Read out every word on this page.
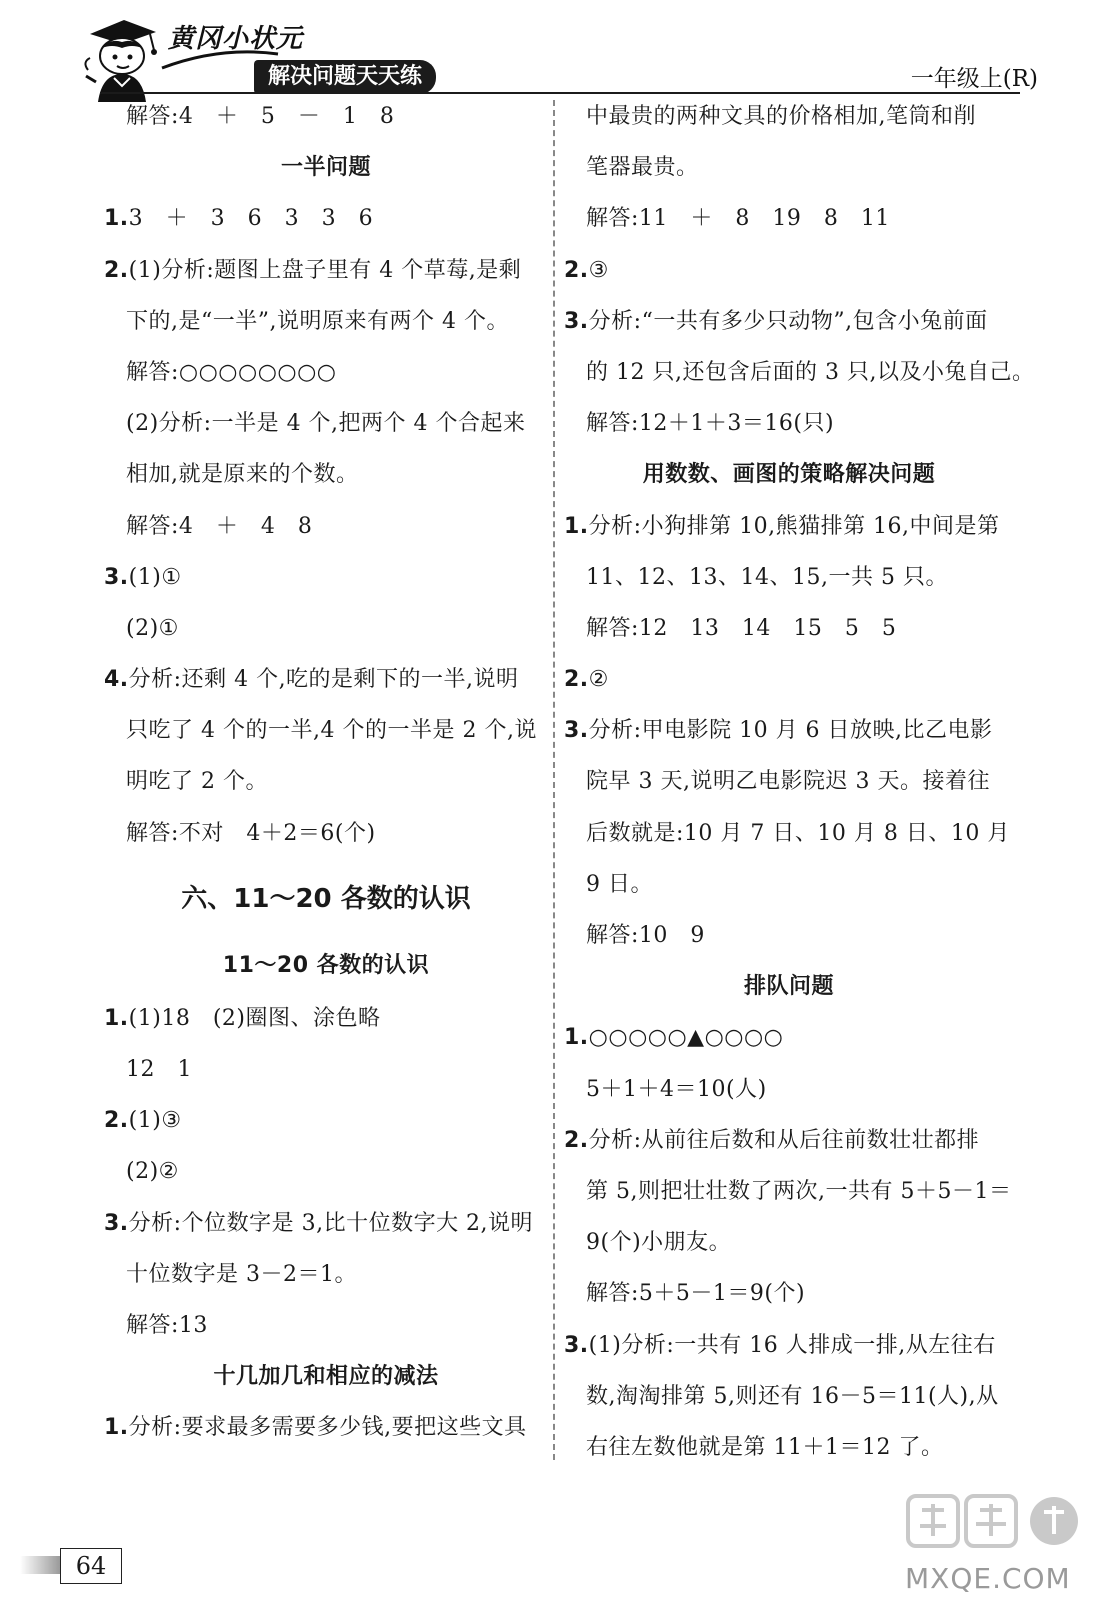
黄冈小状元
解决问题天天练	一年级上(R)
解答:4　＋　5　－　1　8
一半问题
1.3　＋　3　6　3　3　6
2.(1)分析:题图上盘子里有 4 个草莓,是剩
下的,是“一半”,说明原来有两个 4 个。
解答:○○○○○○○○
(2)分析:一半是 4 个,把两个 4 个合起来
相加,就是原来的个数。
解答:4　＋　4　8
3.(1)①
(2)①
4.分析:还剩 4 个,吃的是剩下的一半,说明
只吃了 4 个的一半,4 个的一半是 2 个,说
明吃了 2 个。
解答:不对　4＋2＝6(个)
六、11～20 各数的认识
11～20 各数的认识
1.(1)18　(2)圈图、涂色略
12　1
2.(1)③
(2)②
3.分析:个位数字是 3,比十位数字大 2,说明
十位数字是 3－2＝1。
解答:13
十几加几和相应的减法
1.分析:要求最多需要多少钱,要把这些文具
中最贵的两种文具的价格相加,笔筒和削
笔器最贵。
解答:11　＋　8　19　8　11
2.③
3.分析:“一共有多少只动物”,包含小兔前面
的 12 只,还包含后面的 3 只,以及小兔自己。
解答:12＋1＋3＝16(只)
用数数、画图的策略解决问题
1.分析:小狗排第 10,熊猫排第 16,中间是第
11、12、13、14、15,一共 5 只。
解答:12　13　14　15　5　5
2.②
3.分析:甲电影院 10 月 6 日放映,比乙电影
院早 3 天,说明乙电影院迟 3 天。接着往
后数就是:10 月 7 日、10 月 8 日、10 月
9 日。
解答:10　9
排队问题
1.○○○○○▲○○○○
5＋1＋4＝10(人)
2.分析:从前往后数和从后往前数壮壮都排
第 5,则把壮壮数了两次,一共有 5＋5－1＝
9(个)小朋友。
解答:5＋5－1＝9(个)
3.(1)分析:一共有 16 人排成一排,从左往右
数,淘淘排第 5,则还有 16－5＝11(人),从
右往左数他就是第 11＋1＝12 了。
64	MXQE.COM
